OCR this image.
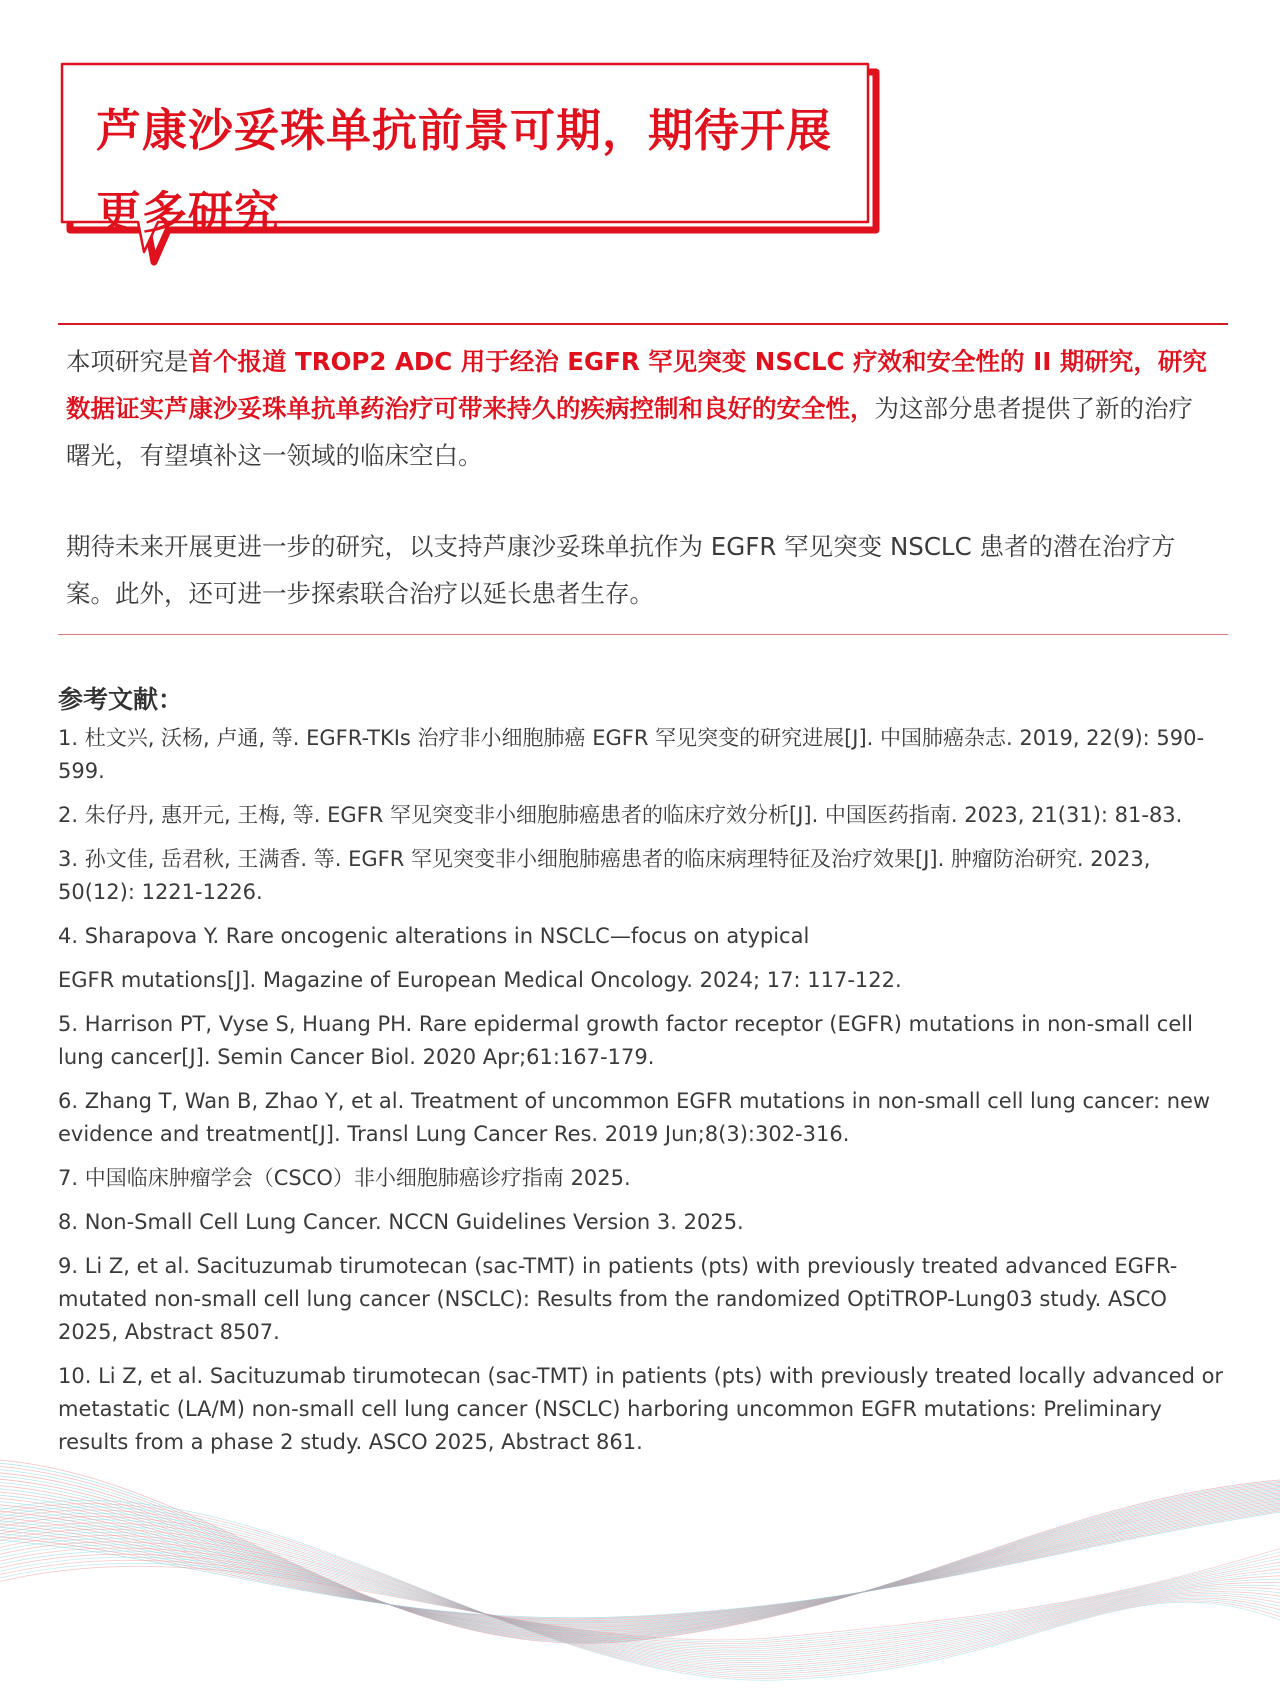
芦康沙妥珠单抗前景可期，期待开展
更多研究
本项研究是首个报道 TROP2 ADC 用于经治 EGFR 罕见突变 NSCLC 疗效和安全性的 II 期研究，研究数据证实芦康沙妥珠单抗单药治疗可带来持久的疾病控制和良好的安全性，为这部分患者提供了新的治疗曙光，有望填补这一领域的临床空白。
期待未来开展更进一步的研究，以支持芦康沙妥珠单抗作为 EGFR 罕见突变 NSCLC 患者的潜在治疗方案。此外，还可进一步探索联合治疗以延长患者生存。
参考文献：
1. 杜文兴, 沃杨, 卢通, 等. EGFR-TKIs 治疗非小细胞肺癌 EGFR 罕见突变的研究进展[J]. 中国肺癌杂志. 2019, 22(9): 590-599.
2. 朱仔丹, 惠开元, 王梅, 等. EGFR 罕见突变非小细胞肺癌患者的临床疗效分析[J]. 中国医药指南. 2023, 21(31): 81-83.
3. 孙文佳, 岳君秋, 王满香. 等. EGFR 罕见突变非小细胞肺癌患者的临床病理特征及治疗效果[J]. 肿瘤防治研究. 2023, 50(12): 1221-1226.
4. Sharapova Y. Rare oncogenic alterations in NSCLC—focus on atypical
EGFR mutations[J]. Magazine of European Medical Oncology. 2024; 17: 117-122.
5. Harrison PT, Vyse S, Huang PH. Rare epidermal growth factor receptor (EGFR) mutations in non-small cell lung cancer[J]. Semin Cancer Biol. 2020 Apr;61:167-179.
6. Zhang T, Wan B, Zhao Y, et al. Treatment of uncommon EGFR mutations in non-small cell lung cancer: new evidence and treatment[J]. Transl Lung Cancer Res. 2019 Jun;8(3):302-316.
7. 中国临床肿瘤学会（CSCO）非小细胞肺癌诊疗指南 2025.
8. Non-Small Cell Lung Cancer. NCCN Guidelines Version 3. 2025.
9. Li Z, et al. Sacituzumab tirumotecan (sac-TMT) in patients (pts) with previously treated advanced EGFR-mutated non-small cell lung cancer (NSCLC): Results from the randomized OptiTROP-Lung03 study. ASCO 2025, Abstract 8507.
10. Li Z, et al. Sacituzumab tirumotecan (sac-TMT) in patients (pts) with previously treated locally advanced or metastatic (LA/M) non-small cell lung cancer (NSCLC) harboring uncommon EGFR mutations: Preliminary results from a phase 2 study. ASCO 2025, Abstract 861.
